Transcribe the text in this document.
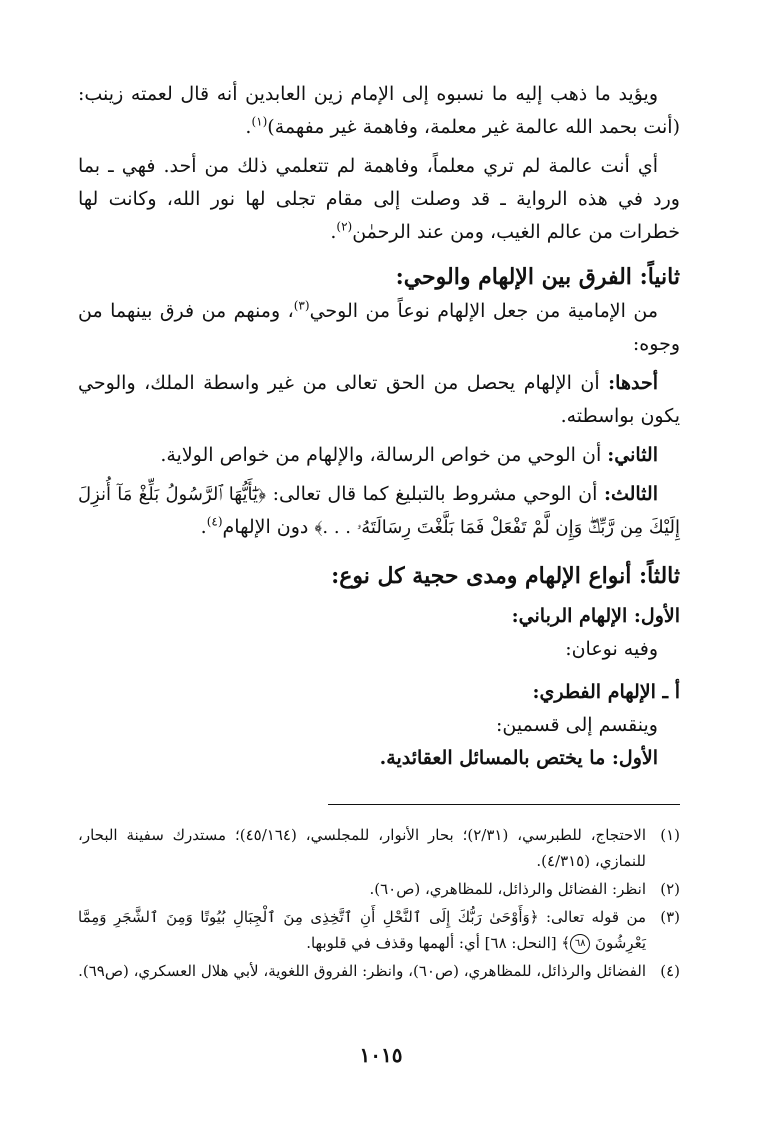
ويؤيد ما ذهب إليه ما نسبوه إلى الإمام زين العابدين أنه قال لعمته زينب: (أنت بحمد الله عالمة غير معلمة، وفاهمة غير مفهمة)$^{(١)}$.

أي أنت عالمة لم تري معلماً، وفاهمة لم تتعلمي ذلك من أحد. فهي ـ بما ورد في هذه الرواية ـ قد وصلت إلى مقام تجلى لها نور الله، وكانت لها خطرات من عالم الغيب، ومن عند الرحمٰن$^{(٢)}$.

ثانياً: الفرق بين الإلهام والوحي:

من الإمامية من جعل الإلهام نوعاً من الوحي$^{(٣)}$، ومنهم من فرق بينهما من وجوه:

أحدها: أن الإلهام يحصل من الحق تعالى من غير واسطة الملك، والوحي يكون بواسطته.

الثاني: أن الوحي من خواص الرسالة، والإلهام من خواص الولاية.

الثالث: أن الوحي مشروط بالتبليغ كما قال تعالى: ﴿يَٰٓأَيُّهَا ٱلرَّسُولُ بَلِّغْ مَآ أُنزِلَ إِلَيْكَ مِن رَّبِّكَۖ وَإِن لَّمْ تَفْعَلْ فَمَا بَلَّغْتَ رِسَالَتَهُۥ . . .﴾ دون الإلهام$^{(٤)}$.

ثالثاً: أنواع الإلهام ومدى حجية كل نوع:
الأول: الإلهام الرباني:

وفيه نوعان:

أ ـ الإلهام الفطري:

وينقسم إلى قسمين:

الأول: ما يختص بالمسائل العقائدية.

(١)
الاحتجاج، للطبرسي، (٢/٣١)؛ بحار الأنوار، للمجلسي، (٤٥/١٦٤)؛ مستدرك سفينة البحار، للنمازي، (٤/٣١٥).
(٢)
انظر: الفضائل والرذائل، للمظاهري، (ص٦٠).
(٣)
من قوله تعالى: ﴿وَأَوْحَىٰ رَبُّكَ إِلَى ٱلنَّحْلِ أَنِ ٱتَّخِذِى مِنَ ٱلْجِبَالِ بُيُوتًا وَمِنَ ٱلشَّجَرِ وَمِمَّا يَعْرِشُونَ ٦٨﴾ [النحل: ٦٨] أي: ألهمها وقذف في قلوبها.
(٤)
الفضائل والرذائل، للمظاهري، (ص٦٠)، وانظر: الفروق اللغوية، لأبي هلال العسكري، (ص٦٩).
١٠١٥
